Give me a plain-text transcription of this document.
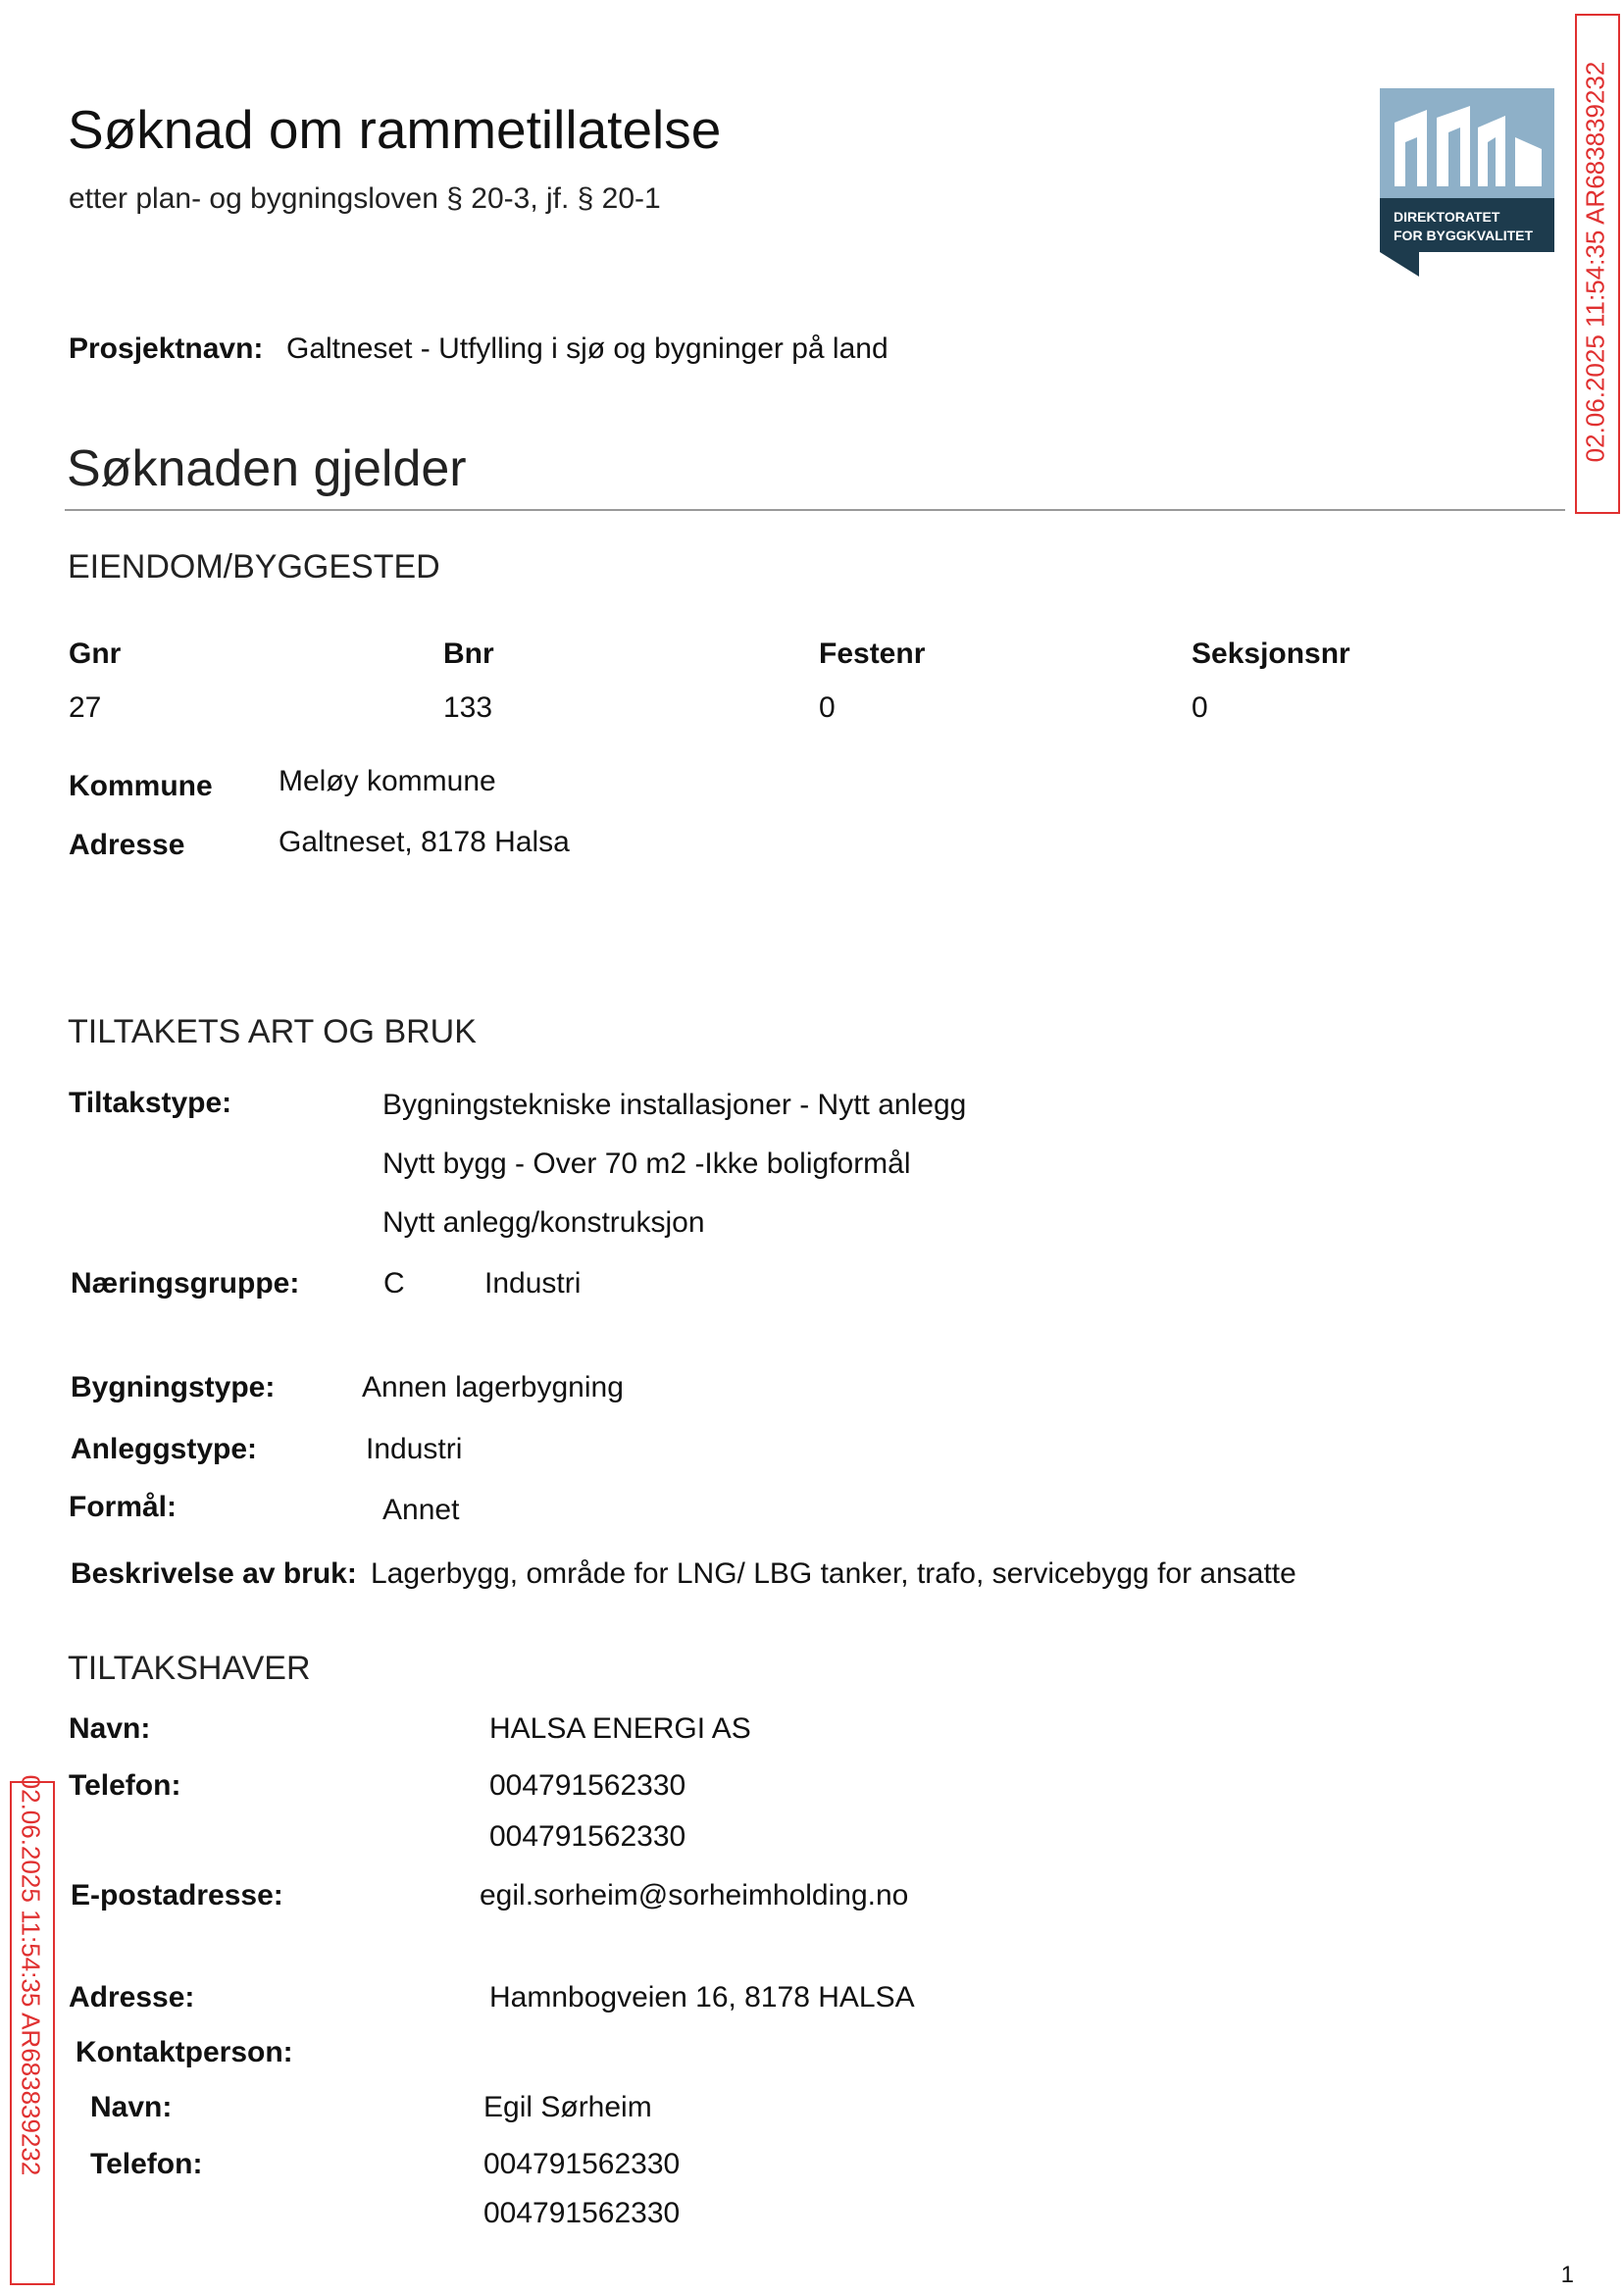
Søknad om rammetillatelse
etter plan- og bygningsloven § 20-3, jf. § 20-1
DIREKTORATET
FOR BYGGKVALITET
Prosjektnavn: Galtneset - Utfylling i sjø og bygninger på land
Søknaden gjelder
EIENDOM/BYGGESTED
Gnr	Bnr	Festenr	Seksjonsnr
27	133	0	0
Kommune Meløy kommune
Adresse	Galtneset, 8178 Halsa
TILTAKETS ART OG BRUK
Tiltakstype:	Bygningstekniske installasjoner - Nytt anlegg
Nytt bygg - Over 70 m2 -Ikke boligformål
Nytt anlegg/konstruksjon
Næringsgruppe:	C	Industri
Bygningstype:	Annen lagerbygning
Anleggstype:	Industri
Formål:	Annet
Beskrivelse av bruk: Lagerbygg, område for LNG/ LBG tanker, trafo, servicebygg for ansatte
TILTAKSHAVER
Navn:	HALSA ENERGI AS
Telefon:	004791562330
004791562330
E-postadresse:	egil.sorheim@sorheimholding.no
Adresse:	Hamnbogveien 16, 8178 HALSA
Kontaktperson:
Navn:	Egil Sørheim
Telefon:	004791562330
004791562330
02.06.2025 11:54:35 AR683839232
02.06.2025 11:54:35 AR683839232
1
